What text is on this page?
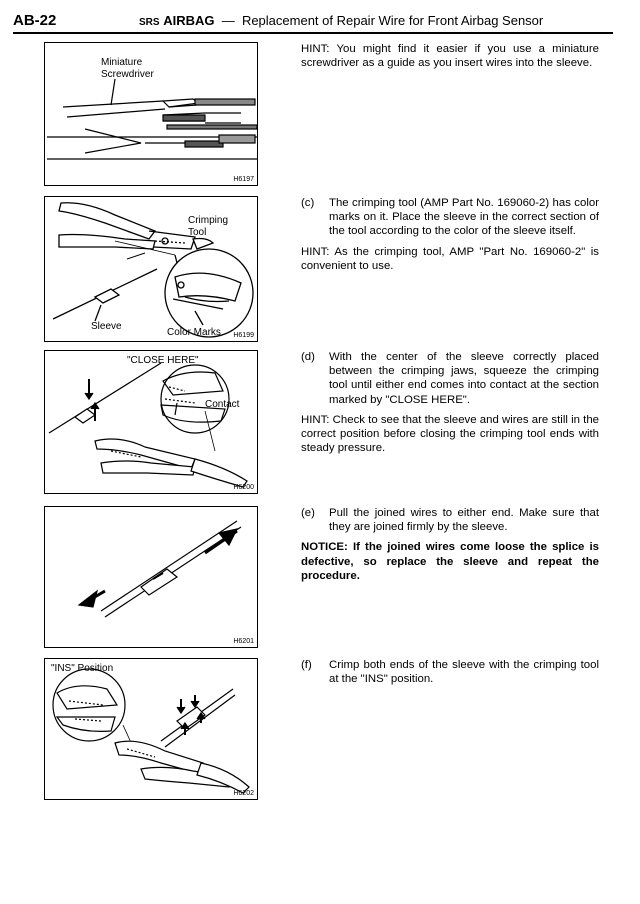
AB-22	SRS AIRBAG — Replacement of Repair Wire for Front Airbag Sensor
Miniature
Screwdriver
H6197
Crimping
Tool
Sleeve
Color Marks H6199
"CLOSE HERE"
Contact
H6200
H6201
"INS" Position
H6202

HINT: You might find it easier if you use a miniature screwdriver as a guide as you insert wires into the sleeve.

(c)	The crimping tool (AMP Part No. 169060-2) has color marks on it. Place the sleeve in the correct section of the tool according to the color of the sleeve itself.

HINT: As the crimping tool, AMP "Part No. 169060-2" is convenient to use.

(d)	With the center of the sleeve correctly placed between the crimping jaws, squeeze the crimping tool until either end comes into contact at the section marked by "CLOSE HERE".

HINT: Check to see that the sleeve and wires are still in the correct position before closing the crimping tool ends with steady pressure.

(e)	Pull the joined wires to either end. Make sure that they are joined firmly by the sleeve.

NOTICE: If the joined wires come loose the splice is defective, so replace the sleeve and repeat the procedure.

(f)	Crimp both ends of the sleeve with the crimping tool at the "INS" position.
